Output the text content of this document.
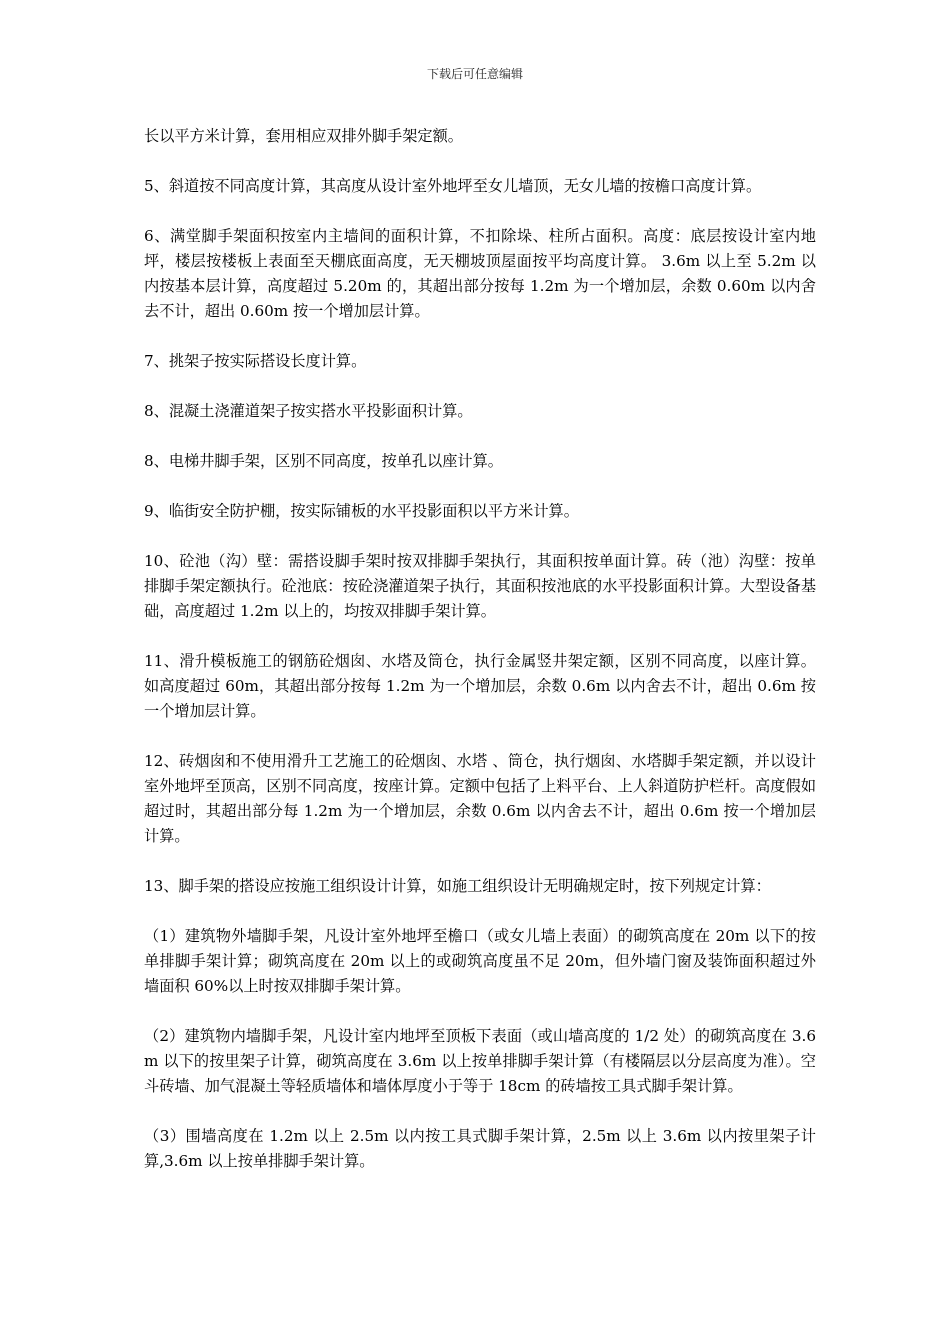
下载后可任意编辑

长以平方米计算，套用相应双排外脚手架定额。

5、斜道按不同高度计算，其高度从设计室外地坪至女儿墙顶，无女儿墙的按檐口高度计算。

6、满堂脚手架面积按室内主墙间的面积计算，不扣除垛、柱所占面积。高度：底层按设计室内地坪，楼层按楼板上表面至天棚底面高度，无天棚坡顶屋面按平均高度计算。 3.6m 以上至 5.2m 以内按基本层计算，高度超过 5.20m 的，其超出部分按每 1.2m 为一个增加层，余数 0.60m 以内舍去不计，超出 0.60m 按一个增加层计算。

7、挑架子按实际搭设长度计算。

8、混凝土浇灌道架子按实搭水平投影面积计算。

8、电梯井脚手架，区别不同高度，按单孔以座计算。

9、临街安全防护棚，按实际铺板的水平投影面积以平方米计算。

10、砼池（沟）壁：需搭设脚手架时按双排脚手架执行，其面积按单面计算。砖（池）沟壁：按单排脚手架定额执行。砼池底：按砼浇灌道架子执行，其面积按池底的水平投影面积计算。大型设备基础，高度超过 1.2m 以上的，均按双排脚手架计算。

11、滑升模板施工的钢筋砼烟囱、水塔及筒仓，执行金属竖井架定额，区别不同高度，以座计算。如高度超过 60m，其超出部分按每 1.2m 为一个增加层，余数 0.6m 以内舍去不计，超出 0.6m 按一个增加层计算。

12、砖烟囱和不使用滑升工艺施工的砼烟囱、水塔 、筒仓，执行烟囱、水塔脚手架定额，并以设计室外地坪至顶高，区别不同高度，按座计算。定额中包括了上料平台、上人斜道防护栏杆。高度假如超过时，其超出部分每 1.2m 为一个增加层，余数 0.6m 以内舍去不计，超出 0.6m 按一个增加层计算。

13、脚手架的搭设应按施工组织设计计算，如施工组织设计无明确规定时，按下列规定计算：

（1）建筑物外墙脚手架，凡设计室外地坪至檐口（或女儿墙上表面）的砌筑高度在 20m 以下的按单排脚手架计算；砌筑高度在 20m 以上的或砌筑高度虽不足 20m，但外墙门窗及装饰面积超过外墙面积 60%以上时按双排脚手架计算。

（2）建筑物内墙脚手架，凡设计室内地坪至顶板下表面（或山墙高度的 1/2 处）的砌筑高度在 3.6m 以下的按里架子计算，砌筑高度在 3.6m 以上按单排脚手架计算（有楼隔层以分层高度为准）。空斗砖墙、加气混凝土等轻质墙体和墙体厚度小于等于 18cm 的砖墙按工具式脚手架计算。

（3）围墙高度在 1.2m 以上 2.5m 以内按工具式脚手架计算，2.5m 以上 3.6m 以内按里架子计算,3.6m 以上按单排脚手架计算。
